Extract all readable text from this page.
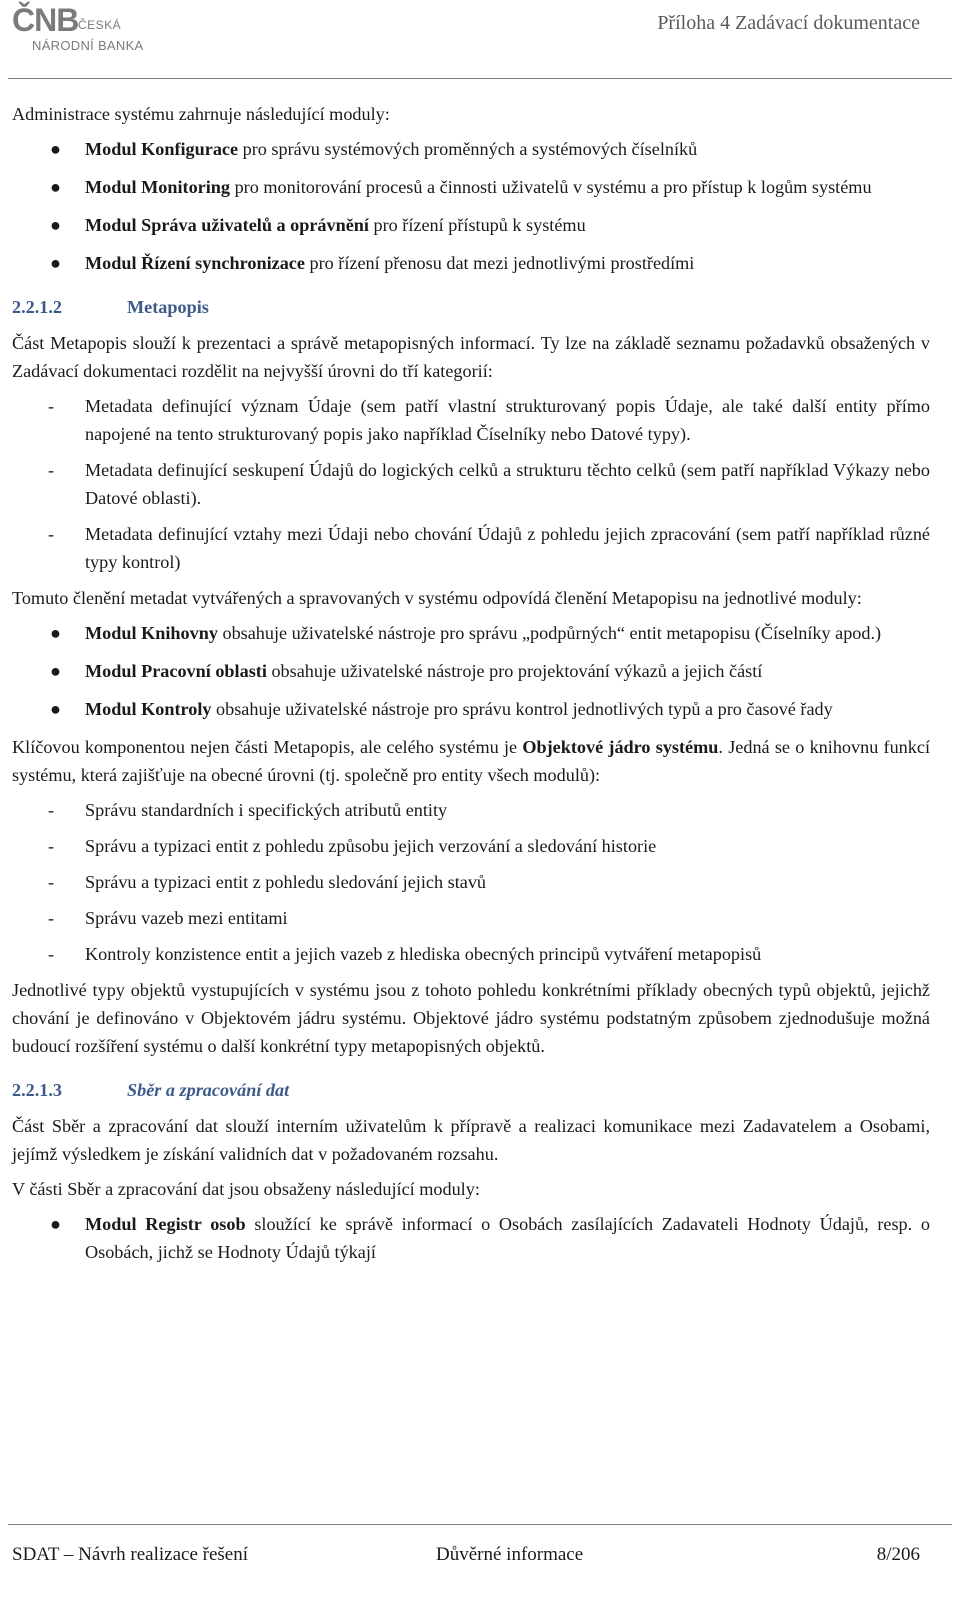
ČNB ČESKÁ
NÁRODNÍ BANKA
Příloha 4 Zadávací dokumentace

Administrace systému zahrnuje následující moduly:

● Modul Konfigurace pro správu systémových proměnných a systémových číselníků
● Modul Monitoring pro monitorování procesů a činnosti uživatelů v systému a pro přístup k logům systému
● Modul Správa uživatelů a oprávnění pro řízení přístupů k systému
● Modul Řízení synchronizace pro řízení přenosu dat mezi jednotlivými prostředími
2.2.1.2	Metapopis

Část Metapopis slouží k prezentaci a správě metapopisných informací. Ty lze na základě seznamu požadavků obsažených v Zadávací dokumentaci rozdělit na nejvyšší úrovni do tří kategorií:

- Metadata definující význam Údaje (sem patří vlastní strukturovaný popis Údaje, ale také další entity přímo napojené na tento strukturovaný popis jako například Číselníky nebo Datové typy).
- Metadata definující seskupení Údajů do logických celků a strukturu těchto celků (sem patří například Výkazy nebo Datové oblasti).
- Metadata definující vztahy mezi Údaji nebo chování Údajů z pohledu jejich zpracování (sem patří například různé typy kontrol)

Tomuto členění metadat vytvářených a spravovaných v systému odpovídá členění Metapopisu na jednotlivé moduly:

● Modul Knihovny obsahuje uživatelské nástroje pro správu „podpůrných“ entit metapopisu (Číselníky apod.)
● Modul Pracovní oblasti obsahuje uživatelské nástroje pro projektování výkazů a jejich částí
● Modul Kontroly obsahuje uživatelské nástroje pro správu kontrol jednotlivých typů a pro časové řady

Klíčovou komponentou nejen části Metapopis, ale celého systému je Objektové jádro systému. Jedná se o knihovnu funkcí systému, která zajišťuje na obecné úrovni (tj. společně pro entity všech modulů):

- Správu standardních i specifických atributů entity
- Správu a typizaci entit z pohledu způsobu jejich verzování a sledování historie
- Správu a typizaci entit z pohledu sledování jejich stavů
- Správu vazeb mezi entitami
- Kontroly konzistence entit a jejich vazeb z hlediska obecných principů vytváření metapopisů

Jednotlivé typy objektů vystupujících v systému jsou z tohoto pohledu konkrétními příklady obecných typů objektů, jejichž chování je definováno v Objektovém jádru systému. Objektové jádro systému podstatným způsobem zjednodušuje možná budoucí rozšíření systému o další konkrétní typy metapopisných objektů.

2.2.1.3	Sběr a zpracování dat

Část Sběr a zpracování dat slouží interním uživatelům k přípravě a realizaci komunikace mezi Zadavatelem a Osobami, jejímž výsledkem je získání validních dat v požadovaném rozsahu.

V části Sběr a zpracování dat jsou obsaženy následující moduly:

● Modul Registr osob sloužící ke správě informací o Osobách zasílajících Zadavateli Hodnoty Údajů, resp. o Osobách, jichž se Hodnoty Údajů týkají
SDAT – Návrh realizace řešení	Důvěrné informace	8/206
